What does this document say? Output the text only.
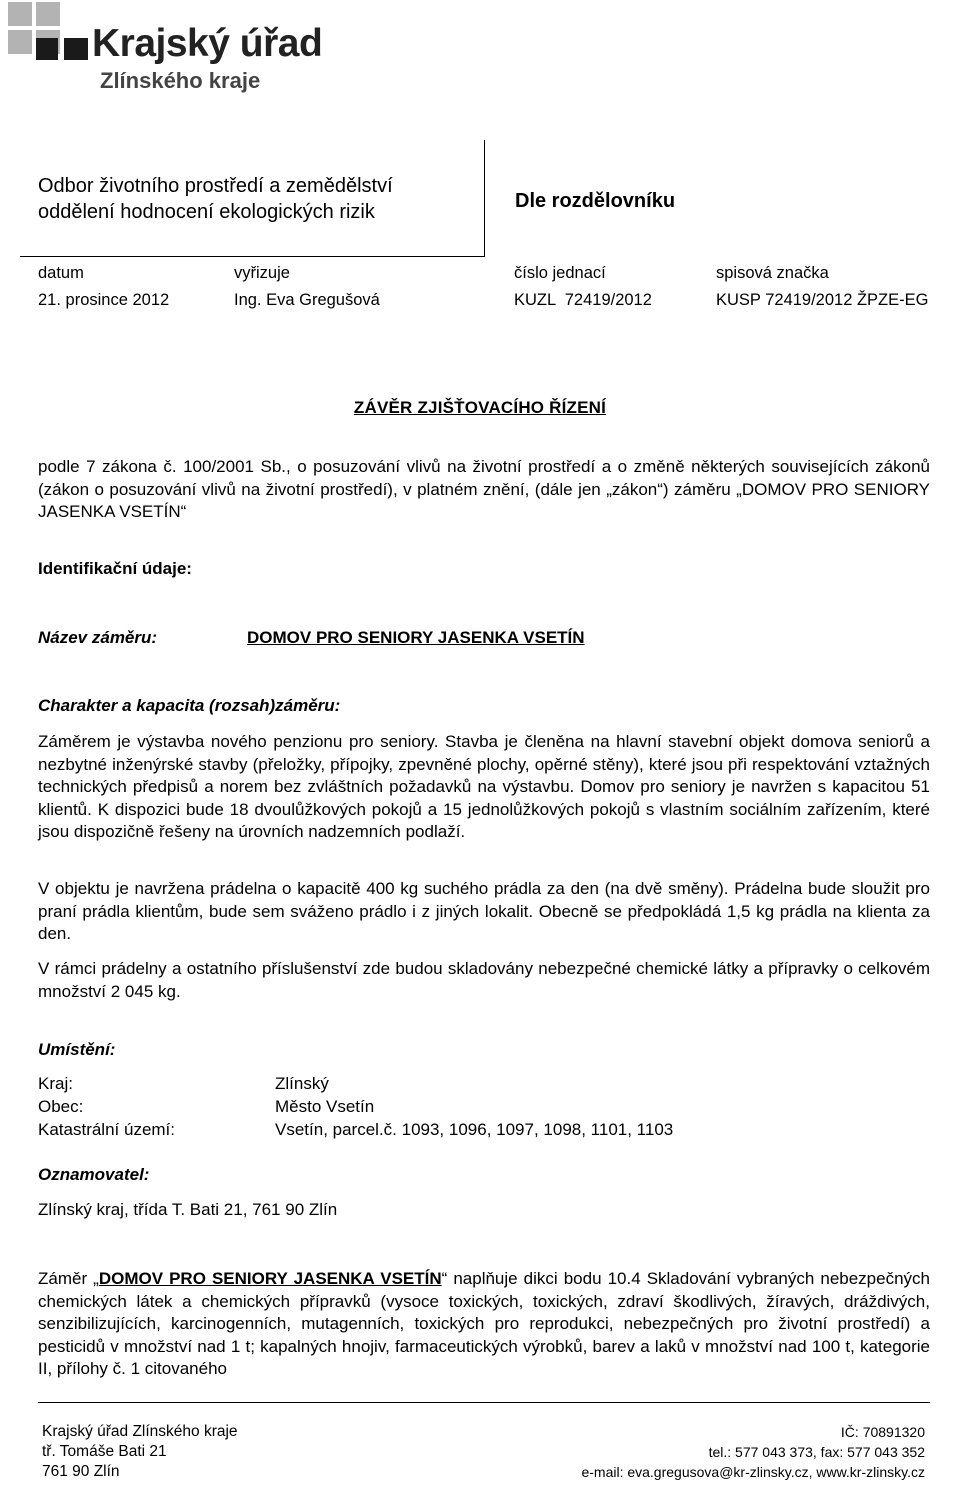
Krajský úřad
Zlínského kraje
Odbor životního prostředí a zemědělství
oddělení hodnocení ekologických rizik	Dle rozdělovníku
datum	vyřizuje	číslo jednací	spisová značka
21. prosince 2012	Ing. Eva Gregušová	KUZL  72419/2012	KUSP 72419/2012 ŽPZE-EG
ZÁVĚR ZJIŠŤOVACÍHO ŘÍZENÍ
podle 7 zákona č. 100/2001 Sb., o posuzování vlivů na životní prostředí a o změně některých souvisejících zákonů (zákon o posuzování vlivů na životní prostředí), v platném znění, (dále jen „zákon“) záměru „DOMOV PRO SENIORY JASENKA VSETÍN“
Identifikační údaje:
Název záměru:	DOMOV PRO SENIORY JASENKA VSETÍN
Charakter a kapacita (rozsah)záměru:
Záměrem je výstavba nového penzionu pro seniory. Stavba je členěna na hlavní stavební objekt domova seniorů a nezbytné inženýrské stavby (přeložky, přípojky, zpevněné plochy, opěrné stěny), které jsou při respektování vztažných technických předpisů a norem bez zvláštních požadavků na výstavbu. Domov pro seniory je navržen s kapacitou 51 klientů. K dispozici bude 18 dvoulůžkových pokojů a 15 jednolůžkových pokojů s vlastním sociálním zařízením, které jsou dispozičně řešeny na úrovních nadzemních podlaží.
V objektu je navržena prádelna o kapacitě 400 kg suchého prádla za den (na dvě směny). Prádelna bude sloužit pro praní prádla klientům, bude sem sváženo prádlo i z jiných lokalit. Obecně se předpokládá 1,5 kg prádla na klienta za den.
V rámci prádelny a ostatního příslušenství zde budou skladovány nebezpečné chemické látky a přípravky o celkovém množství 2 045 kg.
Umístění:
Kraj:	Zlínský
Obec:	Město Vsetín
Katastrální území:	Vsetín, parcel.č. 1093, 1096, 1097, 1098, 1101, 1103
Oznamovatel:
Zlínský kraj, třída T. Bati 21, 761 90 Zlín
Záměr „DOMOV PRO SENIORY JASENKA VSETÍN“ naplňuje dikci bodu 10.4 Skladování vybraných nebezpečných chemických látek a chemických přípravků (vysoce toxických, toxických, zdraví škodlivých, žíravých, dráždivých, senzibilizujících, karcinogenních, mutagenních, toxických pro reprodukci, nebezpečných pro životní prostředí) a pesticidů v množství nad 1 t; kapalných hnojiv, farmaceutických výrobků, barev a laků v množství nad 100 t, kategorie II, přílohy č. 1 citovaného
Krajský úřad Zlínského kraje
tř. Tomáše Bati 21
761 90 Zlín
IČ: 70891320
tel.: 577 043 373, fax: 577 043 352
e-mail: eva.gregusova@kr-zlinsky.cz, www.kr-zlinsky.cz
